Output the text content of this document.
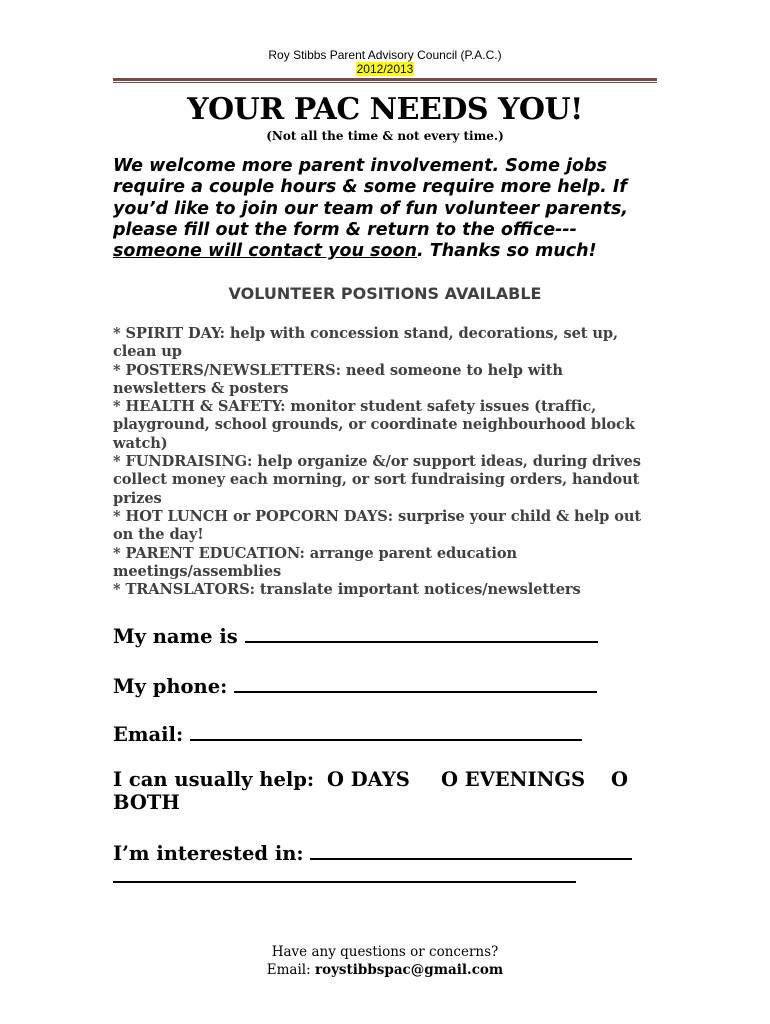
Roy Stibbs Parent Advisory Council (P.A.C.)
2012/2013
YOUR PAC NEEDS YOU!
(Not all the time & not every time.)
We welcome more parent involvement. Some jobs require a couple hours & some require more help. If you’d like to join our team of fun volunteer parents, please fill out the form & return to the office---
someone will contact you soon. Thanks so much!
VOLUNTEER POSITIONS AVAILABLE

* SPIRIT DAY: help with concession stand, decorations, set up, clean up

* POSTERS/NEWSLETTERS: need someone to help with newsletters & posters

* HEALTH & SAFETY: monitor student safety issues (traffic, playground, school grounds, or coordinate neighbourhood block watch)

* FUNDRAISING: help organize &/or support ideas, during drives collect money each morning, or sort fundraising orders, handout prizes

* HOT LUNCH or POPCORN DAYS: surprise your child & help out on the day!

* PARENT EDUCATION: arrange parent education meetings/assemblies

* TRANSLATORS: translate important notices/newsletters

My name is
My phone:
Email:
I can usually help: O DAYS O EVENINGS O
BOTH
I’m interested in:
Have any questions or concerns?
Email: roystibbspac@gmail.com
